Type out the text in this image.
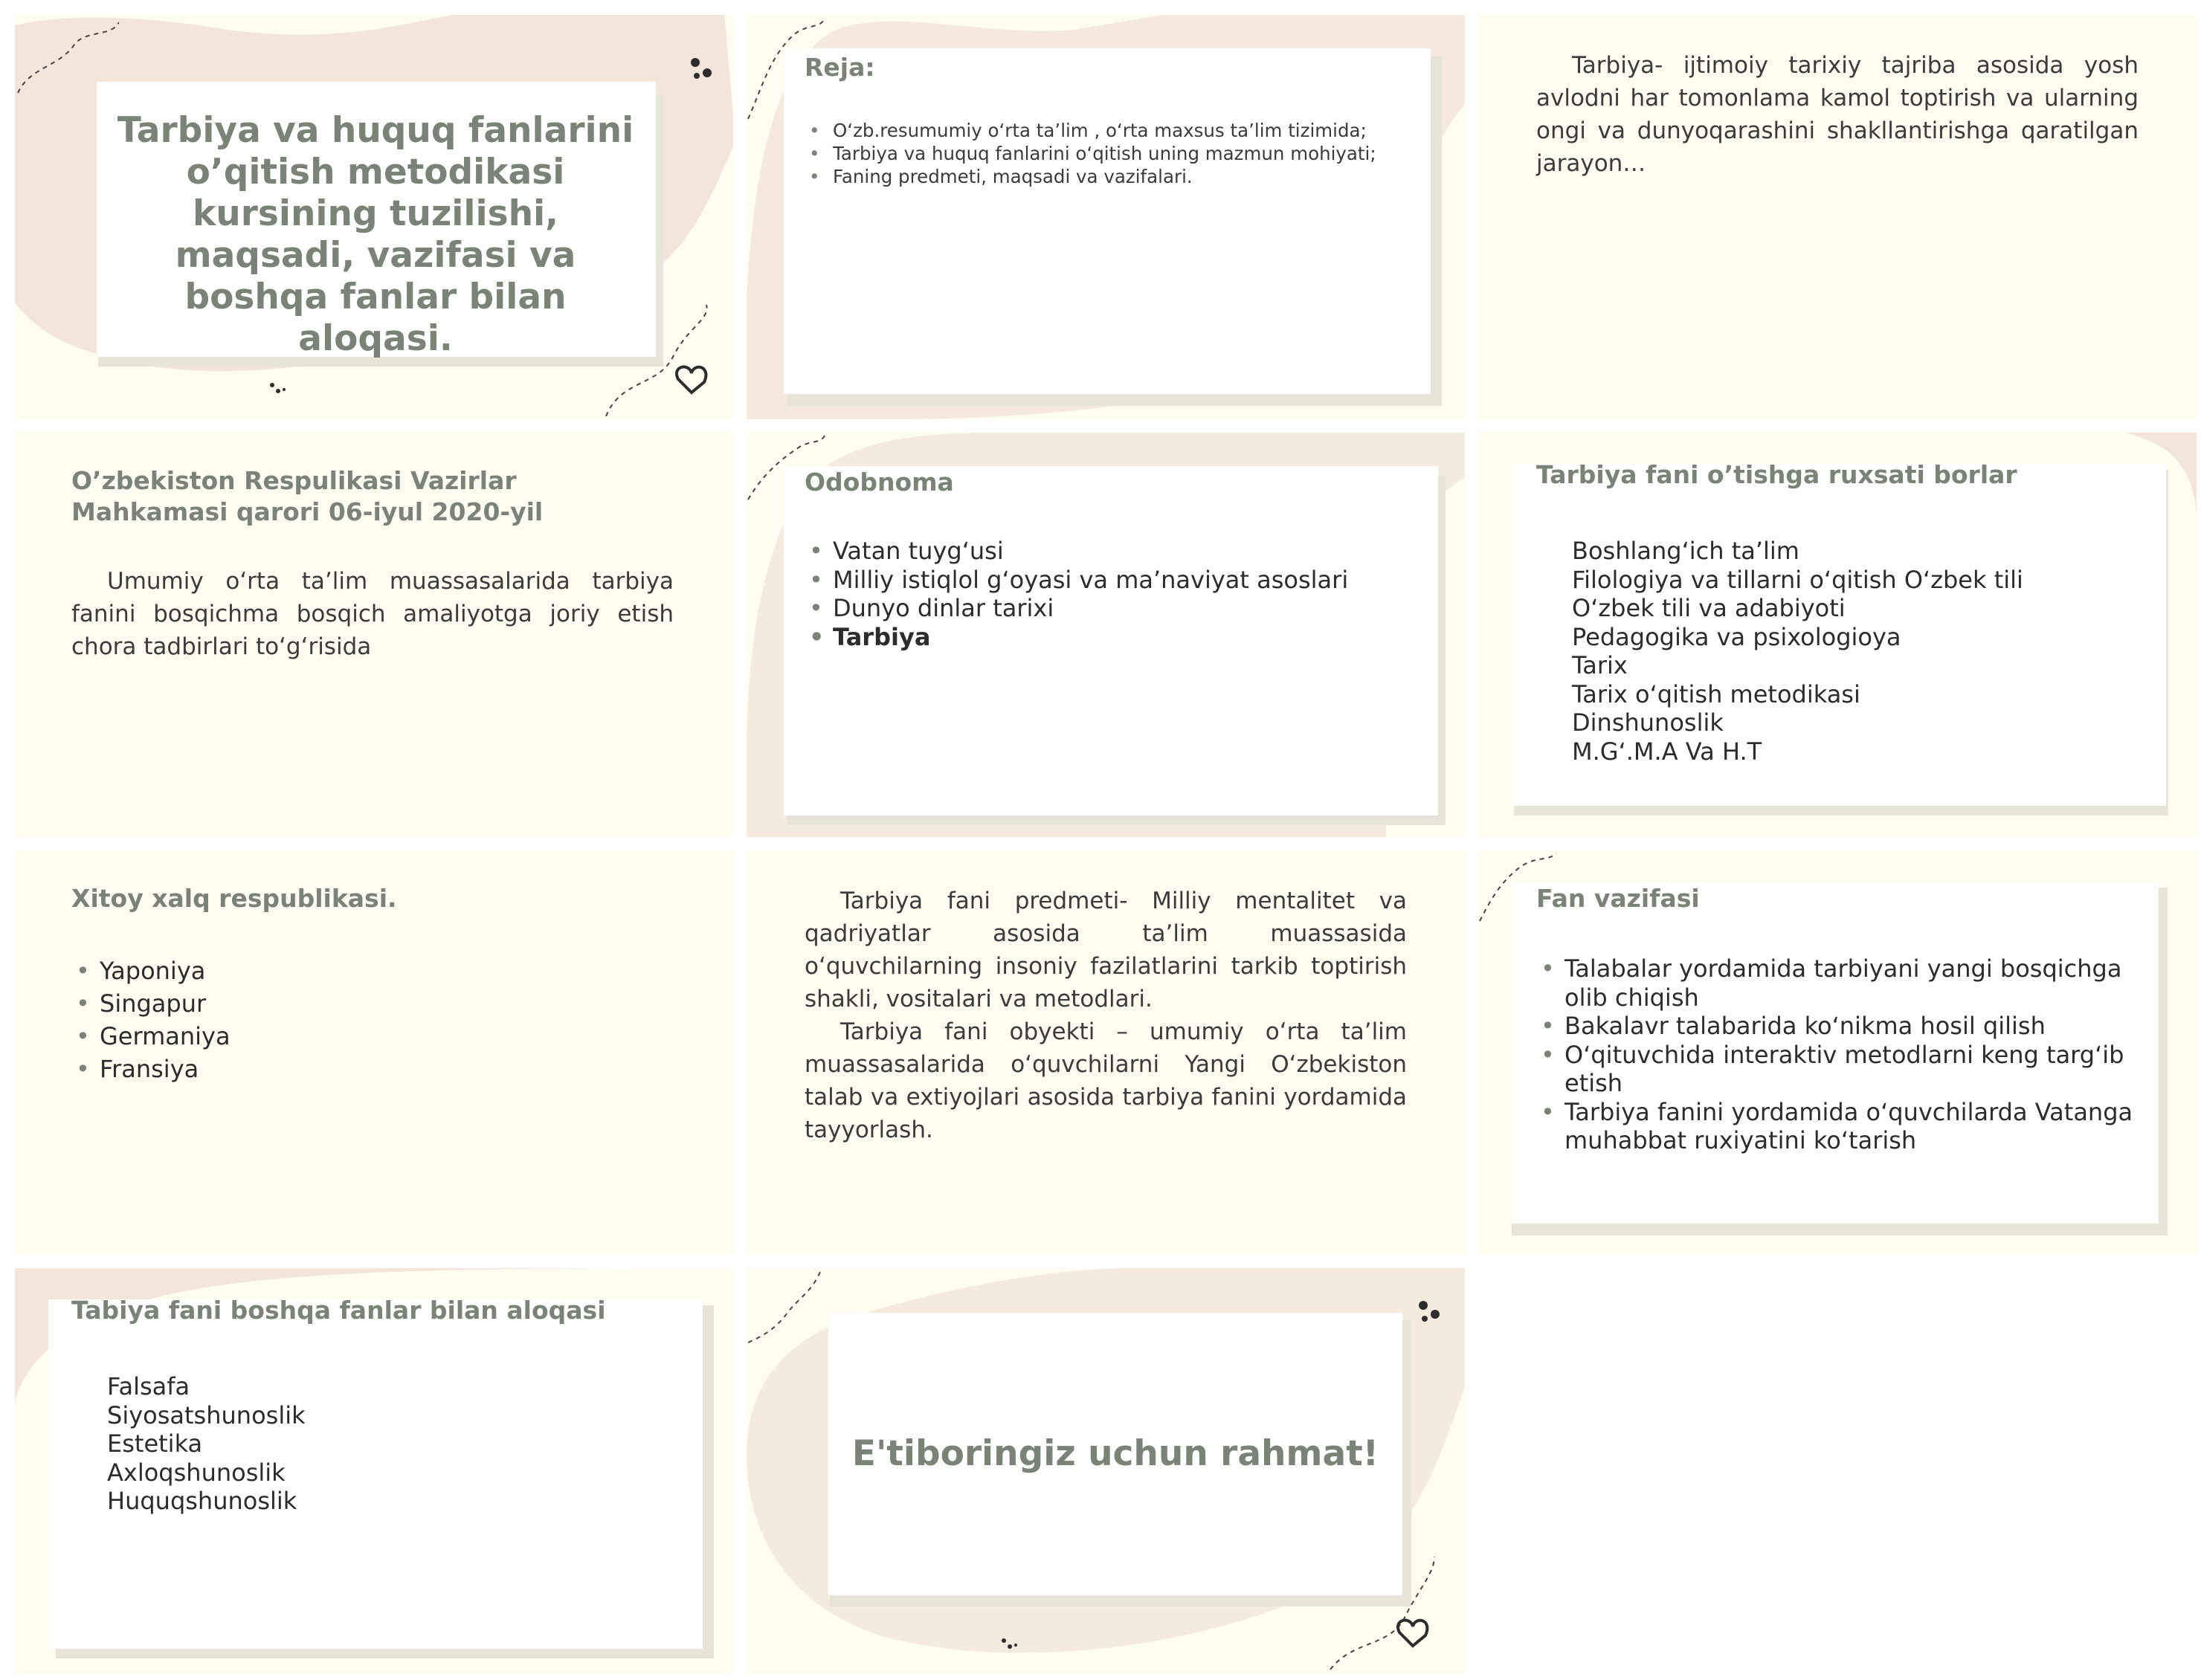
Tarbiya va huquq fanlarini o’qitish metodikasi kursining tuzilishi, maqsadi, vazifasi va boshqa fanlar bilan aloqasi.
Reja:
• O‘zb.resumumiy o‘rta ta’lim , o‘rta maxsus ta’lim tizimida;
• Tarbiya va huquq fanlarini o‘qitish uning mazmun mohiyati;
• Faning predmeti, maqsadi va vazifalari.

Tarbiya- ijtimoiy tarixiy tajriba asosida yosh avlodni har tomonlama kamol toptirish va ularning ongi va dunyoqarashini shakllantirishga qaratilgan jarayon…

O’zbekiston Respulikasi Vazirlar Mahkamasi qarori 06-iyul 2020-yil

Umumiy o‘rta ta’lim muassasalarida tarbiya fanini bosqichma bosqich amaliyotga joriy etish chora tadbirlari to‘g‘risida

Odobnoma
• Vatan tuyg‘usi
• Milliy istiqlol g‘oyasi va ma’naviyat asoslari
• Dunyo dinlar tarixi
• Tarbiya
Tarbiya fani o’tishga ruxsati borlar
Boshlang‘ich ta’lim
Filologiya va tillarni o‘qitish O‘zbek tili
O‘zbek tili va adabiyoti
Pedagogika va psixologioya
Tarix
Tarix o‘qitish metodikasi
Dinshunoslik
M.G‘.M.A Va H.T
Xitoy xalq respublikasi.
• Yaponiya
• Singapur
• Germaniya
• Fransiya

Tarbiya fani predmeti- Milliy mentalitet va qadriyatlar asosida ta’lim muassasida o‘quvchilarning insoniy fazilatlarini tarkib toptirish shakli, vositalari va metodlari.

Tarbiya fani obyekti – umumiy o‘rta ta’lim muassasalarida o‘quvchilarni Yangi O‘zbekiston talab va extiyojlari asosida tarbiya fanini yordamida tayyorlash.

Fan vazifasi
• Talabalar yordamida tarbiyani yangi bosqichga olib chiqish
• Bakalavr talabarida ko‘nikma hosil qilish
• O‘qituvchida interaktiv metodlarni keng targ‘ib etish
• Tarbiya fanini yordamida o‘quvchilarda Vatanga muhabbat ruxiyatini ko‘tarish
Tabiya fani boshqa fanlar bilan aloqasi
Falsafa
Siyosatshunoslik
Estetika
Axloqshunoslik
Huquqshunoslik
E'tiboringiz uchun rahmat!
